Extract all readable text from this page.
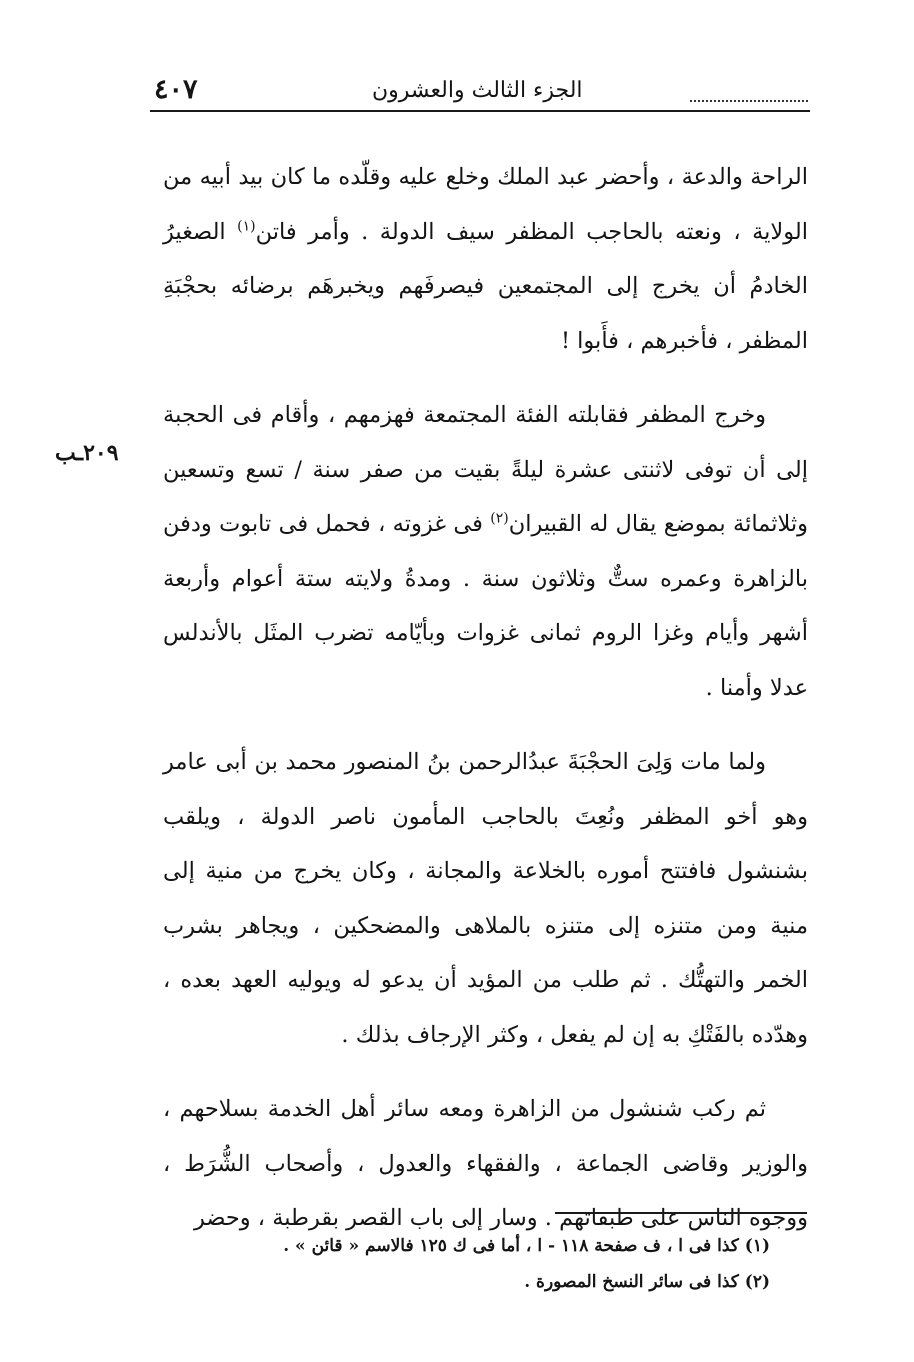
٤٠٧	الجزء الثالث والعشرون
٢٠٩ـب

الراحة والدعة ، وأحضر عبد الملك وخلع عليه وقلّده ما كان بيد أبيه من الولاية ، ونعته بالحاجب المظفر سيف الدولة . وأمر فاتن$^{(١)}$ الصغيرُ الخادمُ أن يخرج إلى المجتمعين فيصرفَهم ويخبرهَم برضائه بحجْبَةِ المظفر ، فأخبرهم ، فأَبوا !

وخرج المظفر فقابلته الفئة المجتمعة فهزمهم ، وأقام فى الحجبة إلى أن توفى لاثنتى عشرة ليلةً بقيت من صفر سنة / تسع وتسعين وثلاثمائة بموضع يقال له القبيران$^{(٢)}$ فى غزوته ، فحمل فى تابوت ودفن بالزاهرة وعمره ستٌّ وثلاثون سنة . ومدةُ ولايته ستة أعوام وأربعة أشهر وأيام وغزا الروم ثمانى غزوات وبأيّامه تضرب المثَل بالأندلس عدلا وأمنا .

ولما مات وَلِىَ الحجْبَةَ عبدُالرحمن بنُ المنصور محمد بن أبى عامر وهو أخو المظفر ونُعِتَ بالحاجب المأمون ناصر الدولة ، ويلقب بشنشول فافتتح أموره بالخلاعة والمجانة ، وكان يخرج من منية إلى منية ومن متنزه إلى متنزه بالملاهى والمضحكين ، ويجاهر بشرب الخمر والتهتُّك . ثم طلب من المؤيد أن يدعو له ويوليه العهد بعده ، وهدّده بالفَتْكِ به إن لم يفعل ، وكثر الإرجاف بذلك .

ثم ركب شنشول من الزاهرة ومعه سائر أهل الخدمة بسلاحهم ، والوزير وقاضى الجماعة ، والفقهاء والعدول ، وأصحاب الشُّرَط ، ووجوه الناس على طبقاتهم . وسار إلى باب القصر بقرطبة ، وحضر

(١) كذا فى ا ، ف صفحة ١١٨ - ا ، أما فى ك ١٢٥ فالاسم « قائن » .

(٢) كذا فى سائر النسخ المصورة .
